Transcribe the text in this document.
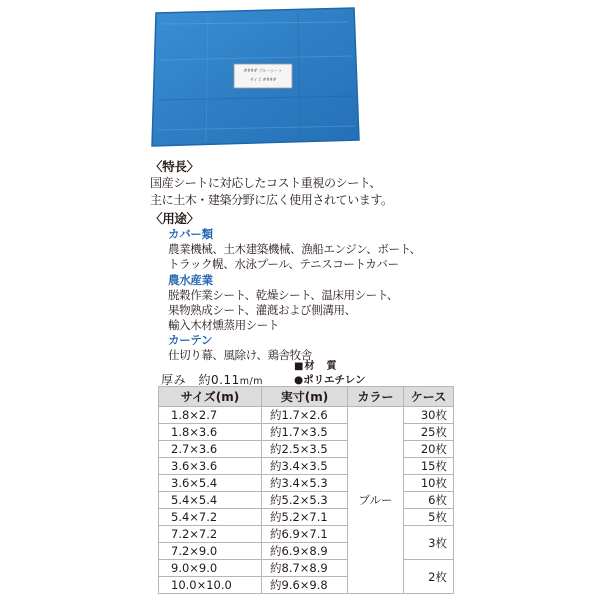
#### ブルーシート
サイズ ####
〈特長〉
国産シートに対応したコスト重視のシート、
主に土木・建築分野に広く使用されています。
〈用途〉
カバー類
農業機械、土木建築機械、漁船エンジン、ボート、
トラック幌、水泳プール、テニスコートカバー
農水産業
脱穀作業シート、乾燥シート、温床用シート、
果物熟成シート、灌漑および側溝用、
輸入木材燻蒸用シート
カーテン
仕切り幕、風除け、鶏舎牧舎
■材　質
厚み　約0.11m/m	●ポリエチレン
サイズ(m)	実寸(m)	カラー	ケース
1.8×2.7	約1.7×2.6	ブルー	30枚
1.8×3.6	約1.7×3.5		25枚
2.7×3.6	約2.5×3.5		20枚
3.6×3.6	約3.4×3.5		15枚
3.6×5.4	約3.4×5.3		10枚
5.4×5.4	約5.2×5.3		6枚
5.4×7.2	約5.2×7.1		5枚
7.2×7.2	約6.9×7.1		3枚
7.2×9.0	約6.9×8.9		
9.0×9.0	約8.7×8.9		2枚
10.0×10.0	約9.6×9.8		
